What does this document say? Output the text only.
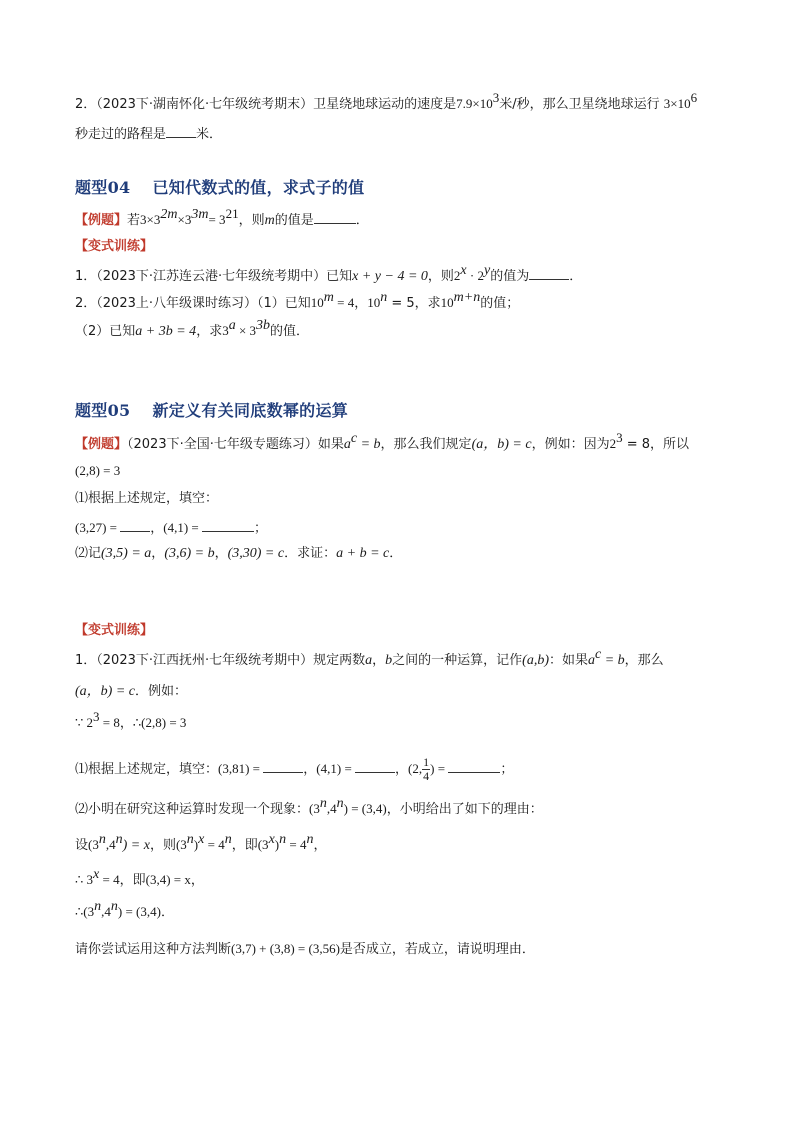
2．（2023下·湖南怀化·七年级统考期末）卫星绕地球运动的速度是$7.9\times 10^3$米/秒，那么卫星绕地球运行 $3\times 10^6$
秒走过的路程是 米．
题型04 已知代数式的值，求式子的值
【例题】若$3\times 3^{2m}\times 3^{3m}= 3^{21}$，则m的值是	．
【变式训练】
1．（2023下·江苏连云港·七年级统考期中）已知x + y − 4 = 0，则$2^x \cdot 2^y$的值为	．
2．（2023上·八年级课时练习）（1）已知$10^m = 4$，$10^n = 5$，求$10^{m+n}$的值；
（2）已知a + 3b = 4，求$3^a \times 3^{3b}$的值．
题型05 新定义有关同底数幂的运算
【例题】（2023下·全国·七年级专题练习）如果$a^c = b$，那么我们规定(a，b) = c，例如：因为$2^3 = 8$，所以
(2,8) = 3
⑴根据上述规定，填空：
(3,27) = ，(4,1) =	；
⑵记(3,5) = a，(3,6) = b，(3,30) = c．求证：a + b = c．
【变式训练】
1．（2023下·江西抚州·七年级统考期中）规定两数a，b之间的一种运算，记作(a,b)：如果$a^c = b$，那么
(a，b) = c．例如：
∵ $2^3 = 8$，∴(2,8) = 3
⑴根据上述规定，填空：(3,81) =	，(4,1) =	，(2, $\frac{1}{4}$ ) =	；
⑵小明在研究这种运算时发现一个现象：$(3^n,4^n) = (3,4)$，小明给出了如下的理由：
设$(3^n,4^n) = x$，则$(3^n)^x = 4^n$，即$(3^x)^n = 4^n$，
∴ $3^x = 4$，即(3,4) = x，
$\therefore(3^n,4^n) = (3,4)$．
请你尝试运用这种方法判断(3,7) + (3,8) = (3,56)是否成立，若成立，请说明理由．
